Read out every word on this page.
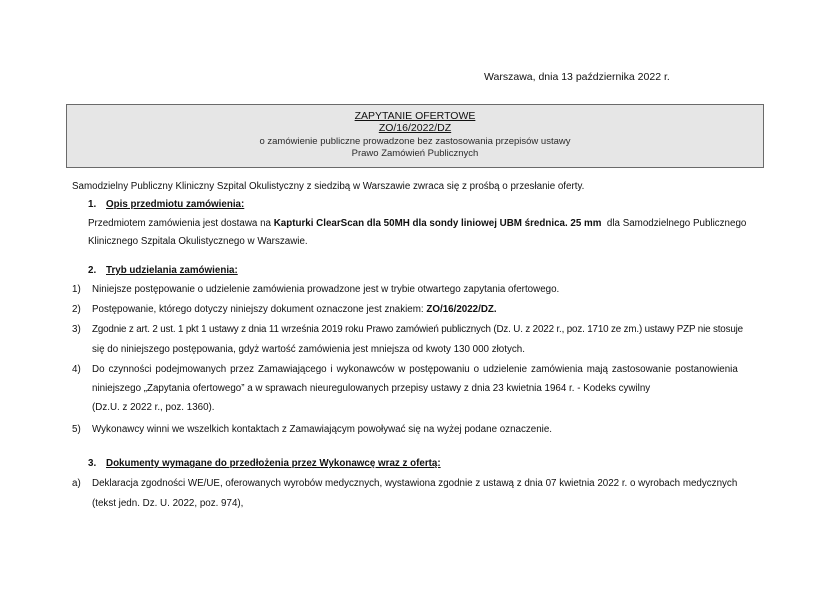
Warszawa, dnia 13 października 2022 r.
ZAPYTANIE OFERTOWE
ZO/16/2022/DZ
o zamówienie publiczne prowadzone bez zastosowania przepisów ustawy
Prawo Zamówień Publicznych
Samodzielny Publiczny Kliniczny Szpital Okulistyczny z siedzibą w Warszawie zwraca się z prośbą o przesłanie oferty.
1. Opis przedmiotu zamówienia:
Przedmiotem zamówienia jest dostawa na Kapturki ClearScan dla 50MH dla sondy liniowej UBM średnica. 25 mm dla Samodzielnego Publicznego
Klinicznego Szpitala Okulistycznego w Warszawie.
2. Tryb udzielania zamówienia:
1) Niniejsze postępowanie o udzielenie zamówienia prowadzone jest w trybie otwartego zapytania ofertowego.
2) Postępowanie, którego dotyczy niniejszy dokument oznaczone jest znakiem: ZO/16/2022/DZ.
3) Zgodnie z art. 2 ust. 1 pkt 1 ustawy z dnia 11 września 2019 roku Prawo zamówień publicznych (Dz. U. z 2022 r., poz. 1710 ze zm.) ustawy PZP nie stosuje
się do niniejszego postępowania, gdyż wartość zamówienia jest mniejsza od kwoty 130 000 złotych.
4) Do czynności podejmowanych przez Zamawiającego i wykonawców w postępowaniu o udzielenie zamówienia mają zastosowanie postanowienia
niniejszego „Zapytania ofertowego” a w sprawach nieuregulowanych przepisy ustawy z dnia 23 kwietnia 1964 r. - Kodeks cywilny
(Dz.U. z 2022 r., poz. 1360).
5) Wykonawcy winni we wszelkich kontaktach z Zamawiającym powoływać się na wyżej podane oznaczenie.
3. Dokumenty wymagane do przedłożenia przez Wykonawcę wraz z ofertą:
a) Deklaracja zgodności WE/UE, oferowanych wyrobów medycznych, wystawiona zgodnie z ustawą z dnia 07 kwietnia 2022 r. o wyrobach medycznych
(tekst jedn. Dz. U. 2022, poz. 974),
